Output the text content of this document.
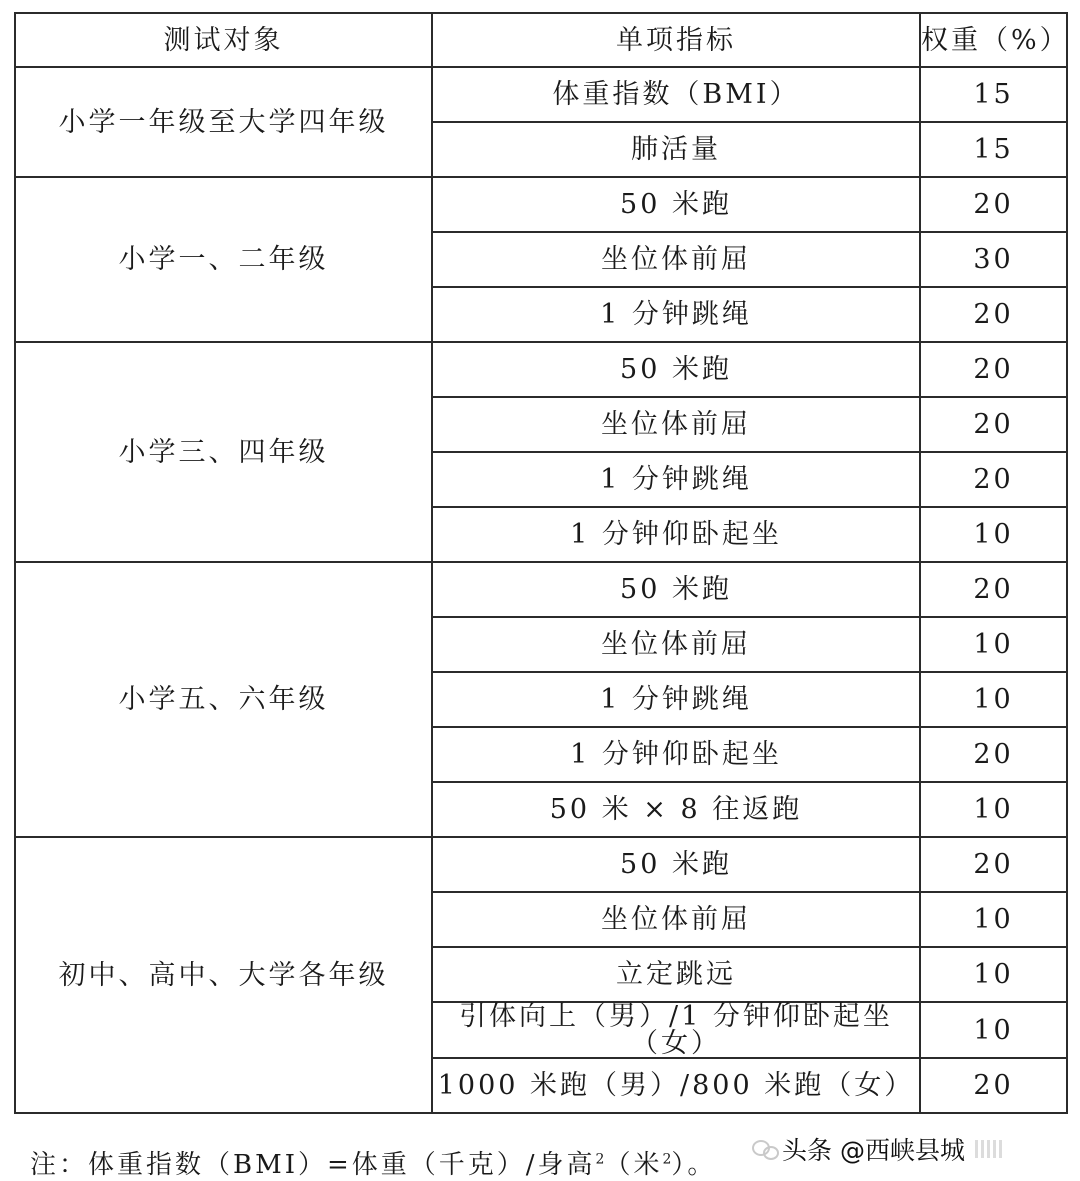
测试对象	单项指标	权重（%）
小学一年级至大学四年级	体重指数（BMI）	15
	肺活量	15
小学一、二年级	50 米跑	20
	坐位体前屈	30
	1 分钟跳绳	20
小学三、四年级	50 米跑	20
	坐位体前屈	20
	1 分钟跳绳	20
	1 分钟仰卧起坐	10
小学五、六年级	50 米跑	20
	坐位体前屈	10
	1 分钟跳绳	10
	1 分钟仰卧起坐	20
	50 米 × 8 往返跑	10
初中、高中、大学各年级	50 米跑	20
	坐位体前屈	10
	立定跳远	10
	引体向上（男）/1 分钟仰卧起坐（女）	10
	1000 米跑（男）/800 米跑（女）	20
注：体重指数（BMI）=体重（千克）/身高$^2$（米$^2$）。	头条 @西峡县城
